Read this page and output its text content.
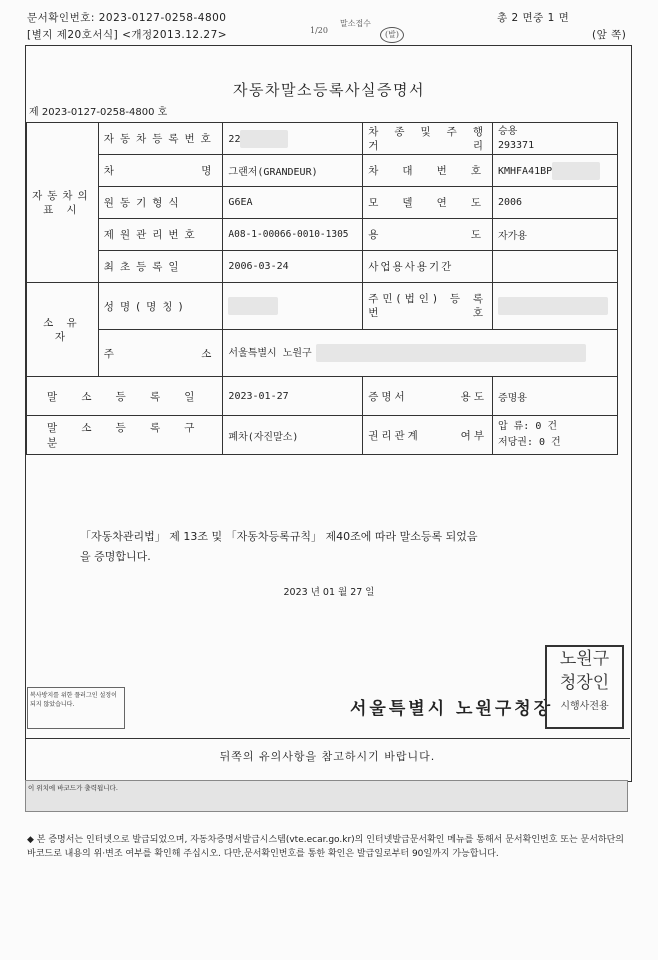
문서확인번호: 2023-0127-0258-4800
[별지 제20호서식] <개정2013.12.27>
총 2 면중 1 면
(앞 쪽)
1/20
말소접수
(발)
자동차말소등록사실증명서
제 2023-0127-0258-4800 호
자동차의 표 시	자동차등록번호	22	차 종 및 주 행 거 리	승용
293371

	차 명	그랜저(GRANDEUR)	차 대 번 호	KMHFA41BP
	원동기형식	G6EA	모 델 연 도	2006
	제원관리번호	A08-1-00066-0010-1305	용 도	자가용
	최초등록일	2006-03-24	사업용사용기간	
소 유 자	성명(명칭)		주민(법인) 등 록 번 호	
	주 소	서울특별시 노원구		
말 소 등 록 일		2023-01-27	증명서 용도	증명용
말 소 등 록 구 분		폐차(자진말소)	권리관계 여부	압 류: 0 건
저당권: 0 건
「자동차관리법」 제 13조 및 「자동차등록규칙」 제40조에 따라 말소등록 되었음
을 증명합니다.
2023 년 01 월 27 일
복사방지를 위한 플러그인 설정이 되지 않았습니다.	서울특별시 노원구청장
노원구
청장인
시행사전용
뒤쪽의 유의사항을 참고하시기 바랍니다.
이 위치에 바코드가 출력됩니다.
◆ 본 증명서는 인터넷으로 발급되었으며, 자동차증명서발급시스템(vte.ecar.go.kr)의 인터넷발급문서확인 메뉴를 통해서 문서확인번호 또는 문서하단의 바코드로 내용의 위·변조 여부를 확인해 주십시오. 다만,문서확인번호를 통한 확인은 발급일로부터 90일까지 가능합니다.
